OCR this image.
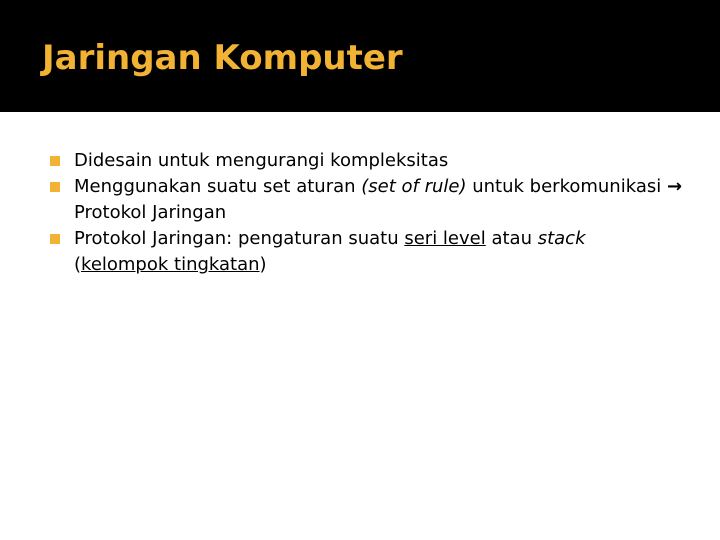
Jaringan Komputer
Didesain untuk mengurangi kompleksitas
Menggunakan suatu set aturan (set of rule) untuk berkomunikasi → Protokol Jaringan
Protokol Jaringan: pengaturan suatu seri level atau stack (kelompok tingkatan)
